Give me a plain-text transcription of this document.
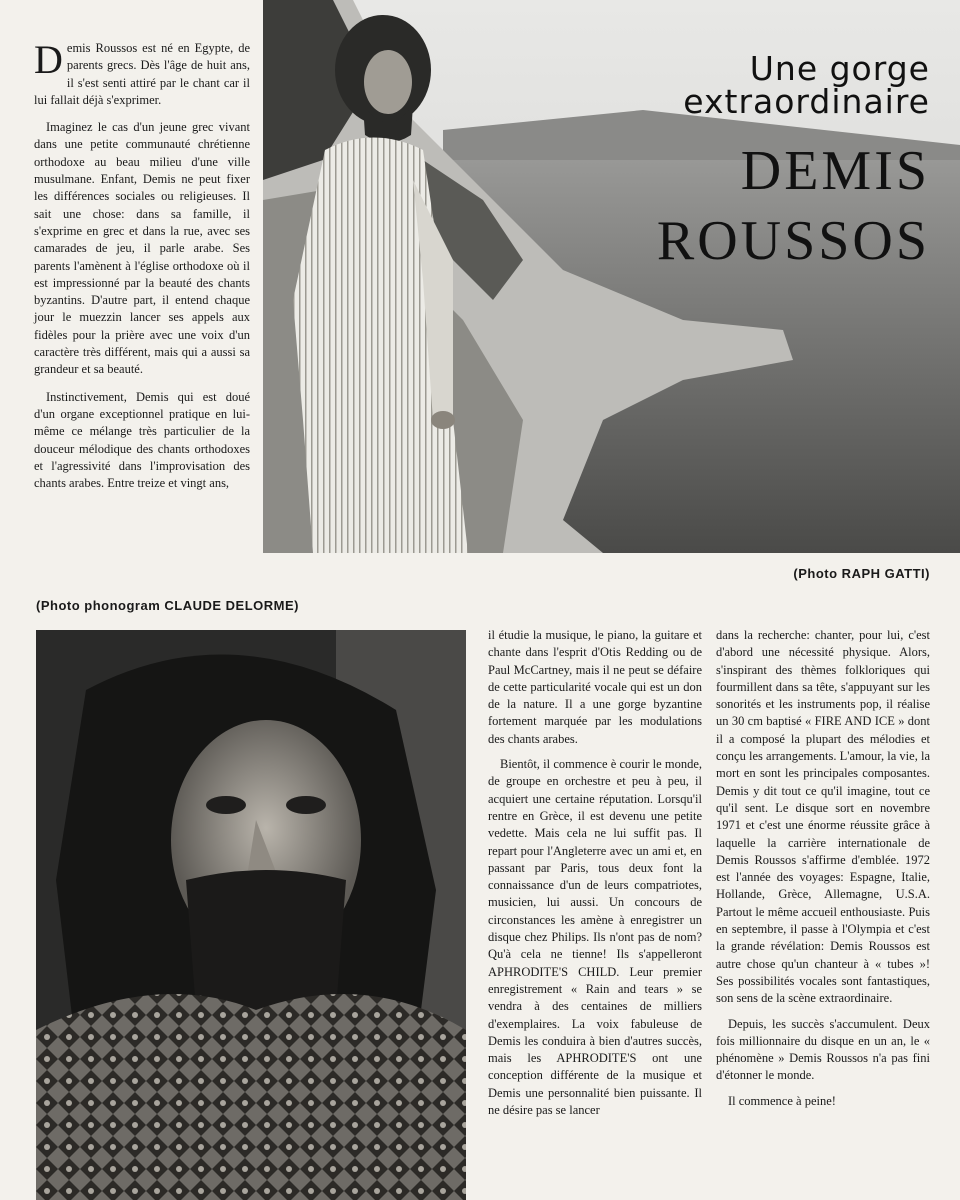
Demis Roussos est né en Egypte, de parents grecs. Dès l'âge de huit ans, il s'est senti attiré par le chant car il lui fallait déjà s'exprimer.

Imaginez le cas d'un jeune grec vivant dans une petite communauté chrétienne orthodoxe au beau milieu d'une ville musulmane. Enfant, Demis ne peut fixer les différences sociales ou religieuses. Il sait une chose: dans sa famille, il s'exprime en grec et dans la rue, avec ses camarades de jeu, il parle arabe. Ses parents l'amènent à l'église orthodoxe où il est impressionné par la beauté des chants byzantins. D'autre part, il entend chaque jour le muezzin lancer ses appels aux fidèles pour la prière avec une voix d'un caractère très différent, mais qui a aussi sa grandeur et sa beauté.

Instinctivement, Demis qui est doué d'un organe exceptionnel pratique en lui-même ce mélange très particulier de la douceur mélodique des chants orthodoxes et l'agressivité dans l'improvisation des chants arabes. Entre treize et vingt ans,

Une gorge
extraordinaire
DEMIS
ROUSSOS
(Photo RAPH GATTI)
(Photo phonogram CLAUDE DELORME)

il étudie la musique, le piano, la guitare et chante dans l'esprit d'Otis Redding ou de Paul McCartney, mais il ne peut se défaire de cette particularité vocale qui est un don de la nature. Il a une gorge byzantine fortement marquée par les modulations des chants arabes.

Bientôt, il commence è courir le monde, de groupe en orchestre et peu à peu, il acquiert une certaine réputation. Lorsqu'il rentre en Grèce, il est devenu une petite vedette. Mais cela ne lui suffit pas. Il repart pour l'Angleterre avec un ami et, en passant par Paris, tous deux font la connaissance d'un de leurs compatriotes, musicien, lui aussi. Un concours de circonstances les amène à enregistrer un disque chez Philips. Ils n'ont pas de nom? Qu'à cela ne tienne! Ils s'appelleront APHRODITE'S CHILD. Leur premier enregistrement « Rain and tears » se vendra à des centaines de milliers d'exemplaires. La voix fabuleuse de Demis les conduira à bien d'autres succès, mais les APHRODITE'S ont une conception différente de la musique et Demis une personnalité bien puissante. Il ne désire pas se lancer

dans la recherche: chanter, pour lui, c'est d'abord une nécessité physique. Alors, s'inspirant des thèmes folkloriques qui fourmillent dans sa tête, s'appuyant sur les sonorités et les instruments pop, il réalise un 30 cm baptisé « FIRE AND ICE » dont il a composé la plupart des mélodies et conçu les arrangements. L'amour, la vie, la mort en sont les principales composantes. Demis y dit tout ce qu'il imagine, tout ce qu'il sent. Le disque sort en novembre 1971 et c'est une énorme réussite grâce à laquelle la carrière internationale de Demis Roussos s'affirme d'emblée. 1972 est l'année des voyages: Espagne, Italie, Hollande, Grèce, Allemagne, U.S.A. Partout le même accueil enthousiaste. Puis en septembre, il passe à l'Olympia et c'est la grande révélation: Demis Roussos est autre chose qu'un chanteur à « tubes »! Ses possibilités vocales sont fantastiques, son sens de la scène extraordinaire.

Depuis, les succès s'accumulent. Deux fois millionnaire du disque en un an, le « phénomène » Demis Roussos n'a pas fini d'étonner le monde.

Il commence à peine!
